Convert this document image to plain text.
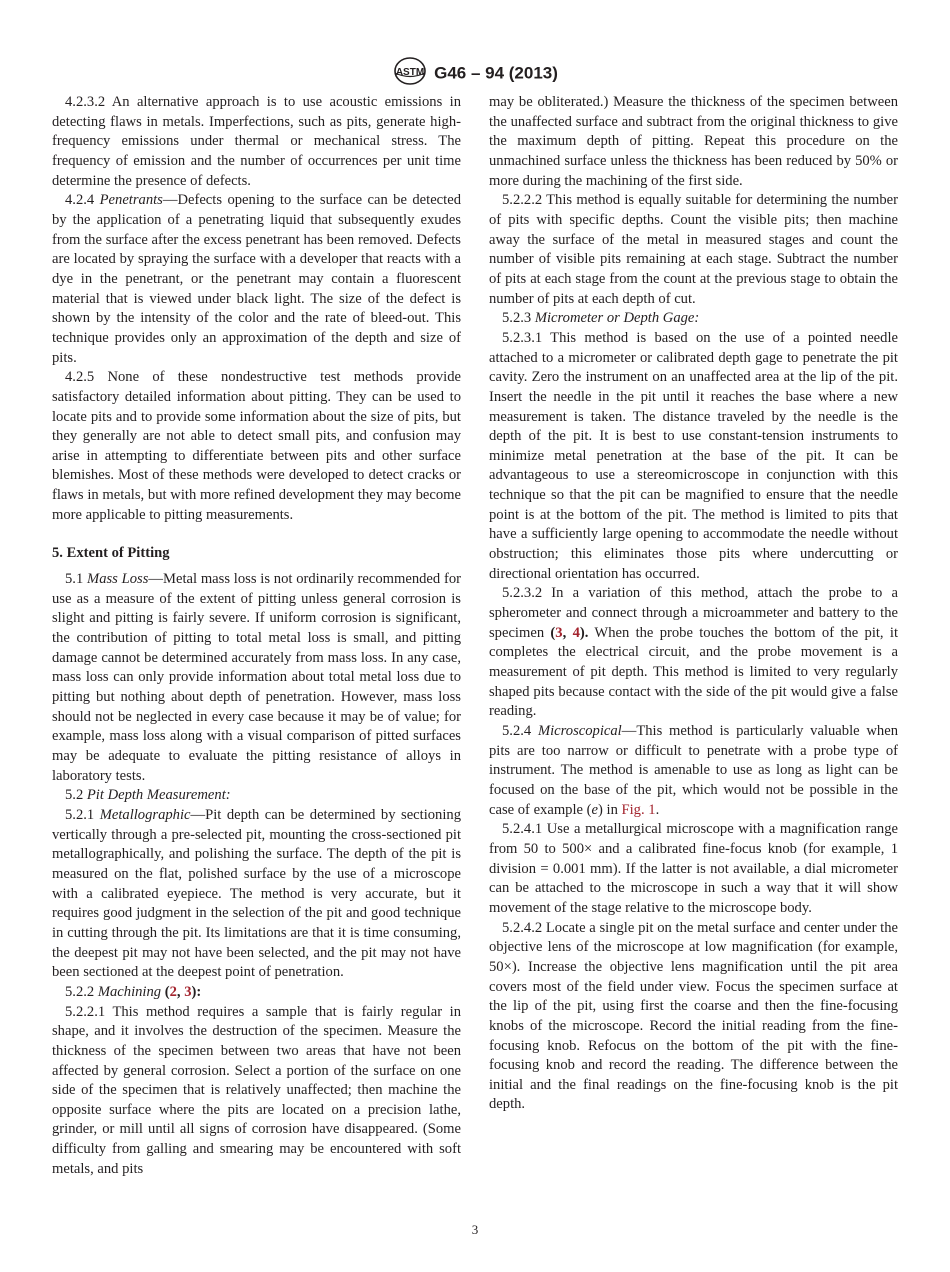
ASTM G46 – 94 (2013)

4.2.3.2 An alternative approach is to use acoustic emissions in detecting flaws in metals. Imperfections, such as pits, generate high-frequency emissions under thermal or mechanical stress. The frequency of emission and the number of occurrences per unit time determine the presence of defects.

4.2.4 Penetrants—Defects opening to the surface can be detected by the application of a penetrating liquid that subsequently exudes from the surface after the excess penetrant has been removed. Defects are located by spraying the surface with a developer that reacts with a dye in the penetrant, or the penetrant may contain a fluorescent material that is viewed under black light. The size of the defect is shown by the intensity of the color and the rate of bleed-out. This technique provides only an approximation of the depth and size of pits.

4.2.5 None of these nondestructive test methods provide satisfactory detailed information about pitting. They can be used to locate pits and to provide some information about the size of pits, but they generally are not able to detect small pits, and confusion may arise in attempting to differentiate between pits and other surface blemishes. Most of these methods were developed to detect cracks or flaws in metals, but with more refined development they may become more applicable to pitting measurements.

5. Extent of Pitting

5.1 Mass Loss—Metal mass loss is not ordinarily recommended for use as a measure of the extent of pitting unless general corrosion is slight and pitting is fairly severe. If uniform corrosion is significant, the contribution of pitting to total metal loss is small, and pitting damage cannot be determined accurately from mass loss. In any case, mass loss can only provide information about total metal loss due to pitting but nothing about depth of penetration. However, mass loss should not be neglected in every case because it may be of value; for example, mass loss along with a visual comparison of pitted surfaces may be adequate to evaluate the pitting resistance of alloys in laboratory tests.

5.2 Pit Depth Measurement:

5.2.1 Metallographic—Pit depth can be determined by sectioning vertically through a pre-selected pit, mounting the cross-sectioned pit metallographically, and polishing the surface. The depth of the pit is measured on the flat, polished surface by the use of a microscope with a calibrated eyepiece. The method is very accurate, but it requires good judgment in the selection of the pit and good technique in cutting through the pit. Its limitations are that it is time consuming, the deepest pit may not have been selected, and the pit may not have been sectioned at the deepest point of penetration.

5.2.2 Machining (2, 3):

5.2.2.1 This method requires a sample that is fairly regular in shape, and it involves the destruction of the specimen. Measure the thickness of the specimen between two areas that have not been affected by general corrosion. Select a portion of the surface on one side of the specimen that is relatively unaffected; then machine the opposite surface where the pits are located on a precision lathe, grinder, or mill until all signs of corrosion have disappeared. (Some difficulty from galling and smearing may be encountered with soft metals, and pits

may be obliterated.) Measure the thickness of the specimen between the unaffected surface and subtract from the original thickness to give the maximum depth of pitting. Repeat this procedure on the unmachined surface unless the thickness has been reduced by 50% or more during the machining of the first side.

5.2.2.2 This method is equally suitable for determining the number of pits with specific depths. Count the visible pits; then machine away the surface of the metal in measured stages and count the number of visible pits remaining at each stage. Subtract the number of pits at each stage from the count at the previous stage to obtain the number of pits at each depth of cut.

5.2.3 Micrometer or Depth Gage:

5.2.3.1 This method is based on the use of a pointed needle attached to a micrometer or calibrated depth gage to penetrate the pit cavity. Zero the instrument on an unaffected area at the lip of the pit. Insert the needle in the pit until it reaches the base where a new measurement is taken. The distance traveled by the needle is the depth of the pit. It is best to use constant-tension instruments to minimize metal penetration at the base of the pit. It can be advantageous to use a stereomicroscope in conjunction with this technique so that the pit can be magnified to ensure that the needle point is at the bottom of the pit. The method is limited to pits that have a sufficiently large opening to accommodate the needle without obstruction; this eliminates those pits where undercutting or directional orientation has occurred.

5.2.3.2 In a variation of this method, attach the probe to a spherometer and connect through a microammeter and battery to the specimen (3, 4). When the probe touches the bottom of the pit, it completes the electrical circuit, and the probe movement is a measurement of pit depth. This method is limited to very regularly shaped pits because contact with the side of the pit would give a false reading.

5.2.4 Microscopical—This method is particularly valuable when pits are too narrow or difficult to penetrate with a probe type of instrument. The method is amenable to use as long as light can be focused on the base of the pit, which would not be possible in the case of example (e) in Fig. 1.

5.2.4.1 Use a metallurgical microscope with a magnification range from 50 to 500× and a calibrated fine-focus knob (for example, 1 division = 0.001 mm). If the latter is not available, a dial micrometer can be attached to the microscope in such a way that it will show movement of the stage relative to the microscope body.

5.2.4.2 Locate a single pit on the metal surface and center under the objective lens of the microscope at low magnification (for example, 50×). Increase the objective lens magnification until the pit area covers most of the field under view. Focus the specimen surface at the lip of the pit, using first the coarse and then the fine-focusing knobs of the microscope. Record the initial reading from the fine-focusing knob. Refocus on the bottom of the pit with the fine-focusing knob and record the reading. The difference between the initial and the final readings on the fine-focusing knob is the pit depth.

3
